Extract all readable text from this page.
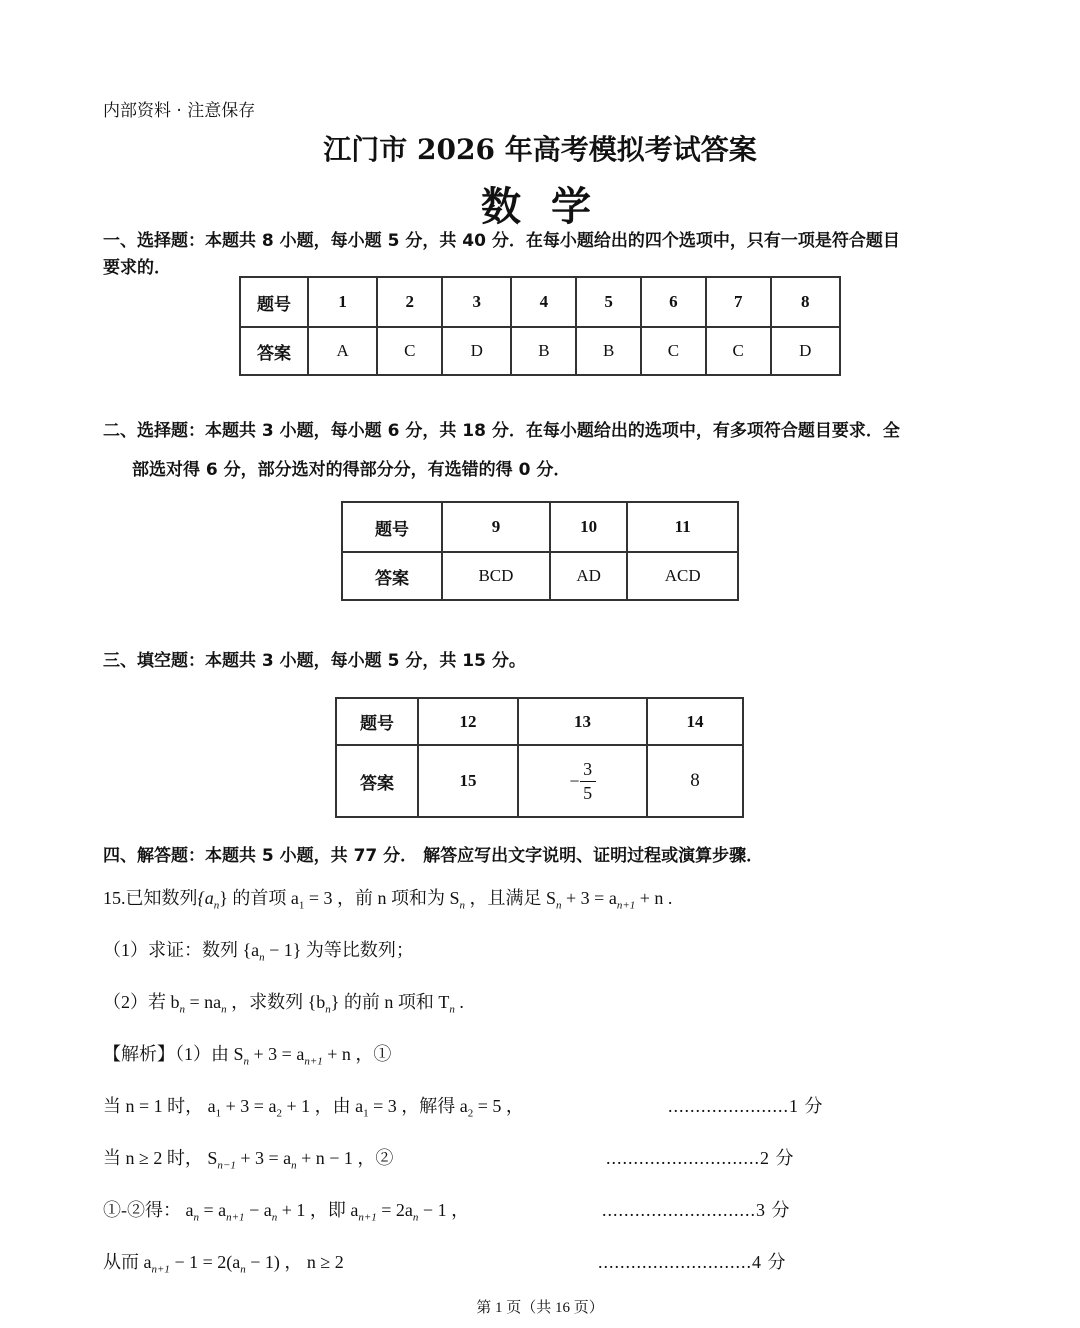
内部资料 · 注意保存
江门市 2026 年高考模拟考试答案
数 学
一、选择题：本题共 8 小题，每小题 5 分，共 40 分．在每小题给出的四个选项中，只有一项是符合题目
要求的．
题号	1	2	3	4	5	6	7	8
答案	A	C	D	B	B	C	C	D
二、选择题：本题共 3 小题，每小题 6 分，共 18 分．在每小题给出的选项中，有多项符合题目要求．全
部选对得 6 分，部分选对的得部分分，有选错的得 0 分．
题号	9	10	11
答案	BCD	AD	ACD
三、填空题：本题共 3 小题，每小题 5 分，共 15 分。
题号	12	13	14
答案	15	− $\frac{3}{5}$	8
四、解答题：本题共 5 小题，共 77 分． 解答应写出文字说明、证明过程或演算步骤．
15.已知数列$\{a_n\}$ 的首项 $a_1 = 3$ ，前 n 项和为 $S_n$ ，且满足 $S_n + 3 = a_{n+1} + n$ .
（1）求证：数列 $\{a_n - 1\}$ 为等比数列；
（2）若 $b_n = na_n$ ，求数列 $\{b_n\}$ 的前 n 项和 $T_n$ .
【解析】（1）由 $S_n + 3 = a_{n+1} + n$ ，①
当 n = 1 时， $a_1 + 3 = a_2 + 1$ ，由 $a_1 = 3$ ，解得 $a_2 = 5$ ，	......................1 分
当 n ≥ 2 时， $S_{n-1} + 3 = a_n + n - 1$ ，②	............................2 分
①-②得： $a_n = a_{n+1} - a_n + 1$ ，即 $a_{n+1} = 2a_n - 1$ ，	............................3 分
从而 $a_{n+1} - 1 = 2(a_n - 1)$ ， n ≥ 2	............................4 分
第 1 页（共 16 页）
